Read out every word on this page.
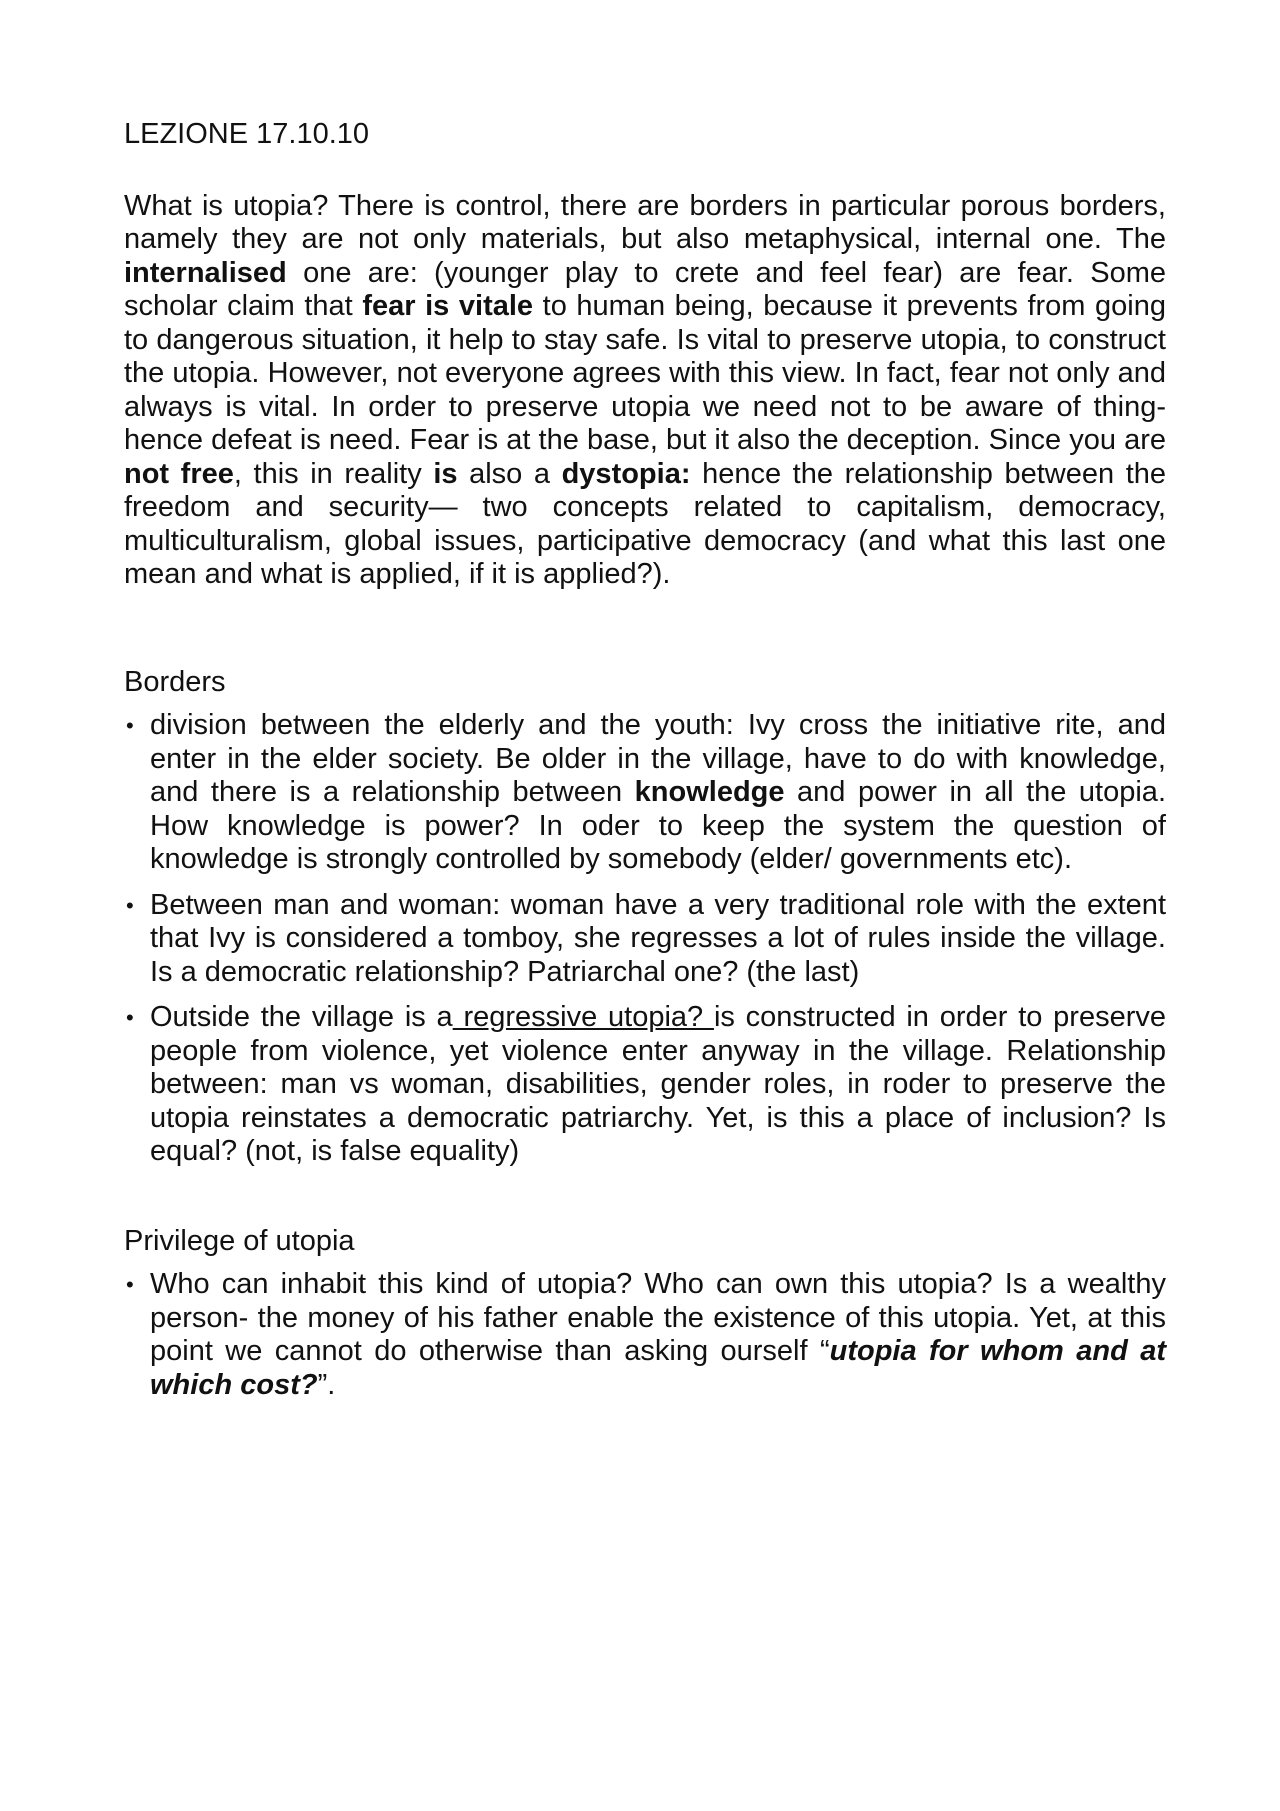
LEZIONE 17.10.10

What is utopia? There is control, there are borders in particular porous borders, namely they are not only materials, but also metaphysical, internal one. The internalised one are: (younger play to crete and feel fear) are fear. Some scholar claim that fear is vitale to human being, because it prevents from going to dangerous situation, it help to stay safe. Is vital to preserve utopia, to construct the utopia. However, not everyone agrees with this view. In fact, fear not only and always is vital. In order to preserve utopia we need not to be aware of thing- hence defeat is need. Fear is at the base, but it also the deception. Since you are not free, this in reality is also a dystopia: hence the relationship between the freedom and security— two concepts related to capitalism, democracy, multiculturalism, global issues, participative democracy (and what this last one mean and what is applied, if it is applied?).

Borders
• division between the elderly and the youth: Ivy cross the initiative rite, and enter in the elder society. Be older in the village, have to do with knowledge, and there is a relationship between knowledge and power in all the utopia. How knowledge is power? In oder to keep the system the question of knowledge is strongly controlled by somebody (elder/ governments etc).
• Between man and woman: woman have a very traditional role with the extent that Ivy is considered a tomboy, she regresses a lot of rules inside the village. Is a democratic relationship? Patriarchal one? (the last)
• Outside the village is a regressive utopia? is constructed in order to preserve people from violence, yet violence enter anyway in the village. Relationship between: man vs woman, disabilities, gender roles, in roder to preserve the utopia reinstates a democratic patriarchy. Yet, is this a place of inclusion? Is equal? (not, is false equality)
Privilege of utopia
• Who can inhabit this kind of utopia? Who can own this utopia? Is a wealthy person- the money of his father enable the existence of this utopia. Yet, at this point we cannot do otherwise than asking ourself “utopia for whom and at which cost?”.
